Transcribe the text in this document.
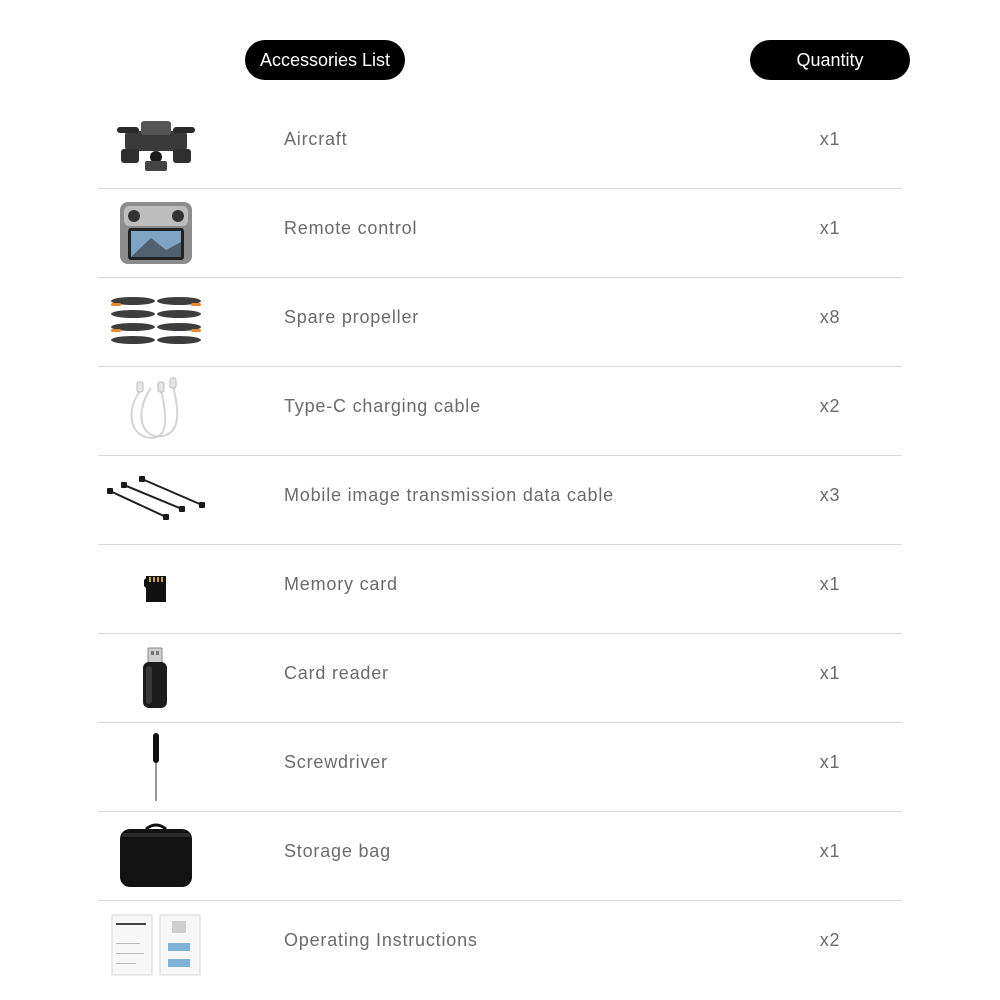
Accessories List	Quantity
Aircraft	x1
Remote control	x1
Spare propeller	x8
Type-C charging cable	x2
Mobile image transmission data cable	x3
Memory card	x1
Card reader	x1
Screwdriver	x1
Storage bag	x1
Operating Instructions	x2
